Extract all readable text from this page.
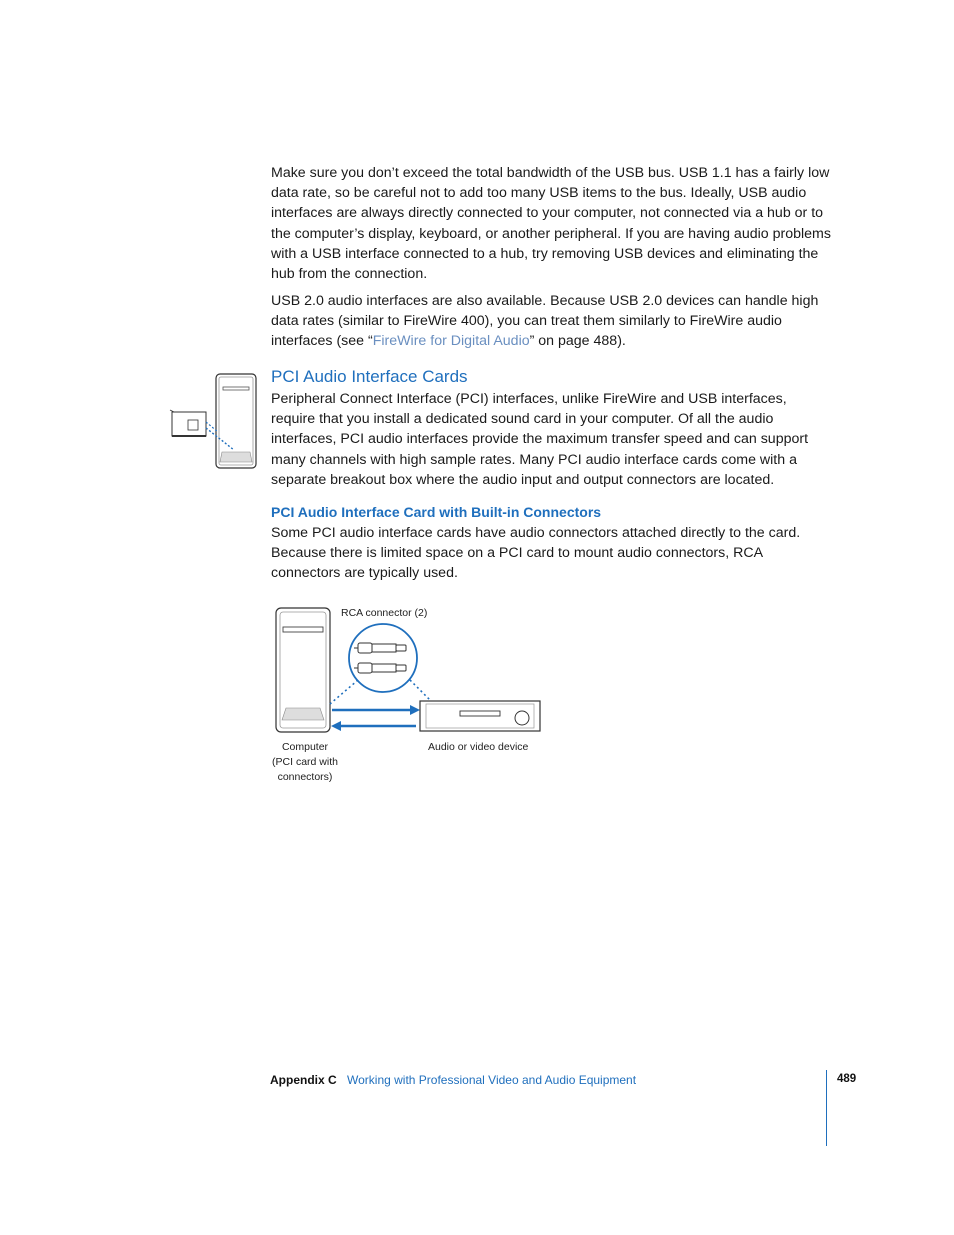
Make sure you don’t exceed the total bandwidth of the USB bus. USB 1.1 has a fairly low data rate, so be careful not to add too many USB items to the bus. Ideally, USB audio interfaces are always directly connected to your computer, not connected via a hub or to the computer’s display, keyboard, or another peripheral. If you are having audio problems with a USB interface connected to a hub, try removing USB devices and eliminating the hub from the connection.

USB 2.0 audio interfaces are also available. Because USB 2.0 devices can handle high data rates (similar to FireWire 400), you can treat them similarly to FireWire audio interfaces (see “FireWire for Digital Audio” on page 488).

PCI Audio Interface Cards

Peripheral Connect Interface (PCI) interfaces, unlike FireWire and USB interfaces, require that you install a dedicated sound card in your computer. Of all the audio interfaces, PCI audio interfaces provide the maximum transfer speed and can support many channels with high sample rates. Many PCI audio interface cards come with a separate breakout box where the audio input and output connectors are located.

PCI Audio Interface Card with Built-in Connectors

Some PCI audio interface cards have audio connectors attached directly to the card. Because there is limited space on a PCI card to mount audio connectors, RCA connectors are typically used.

RCA connector (2)
Computer
(PCI card with
connectors)
Audio or video device
Appendix C Working with Professional Video and Audio Equipment	489
